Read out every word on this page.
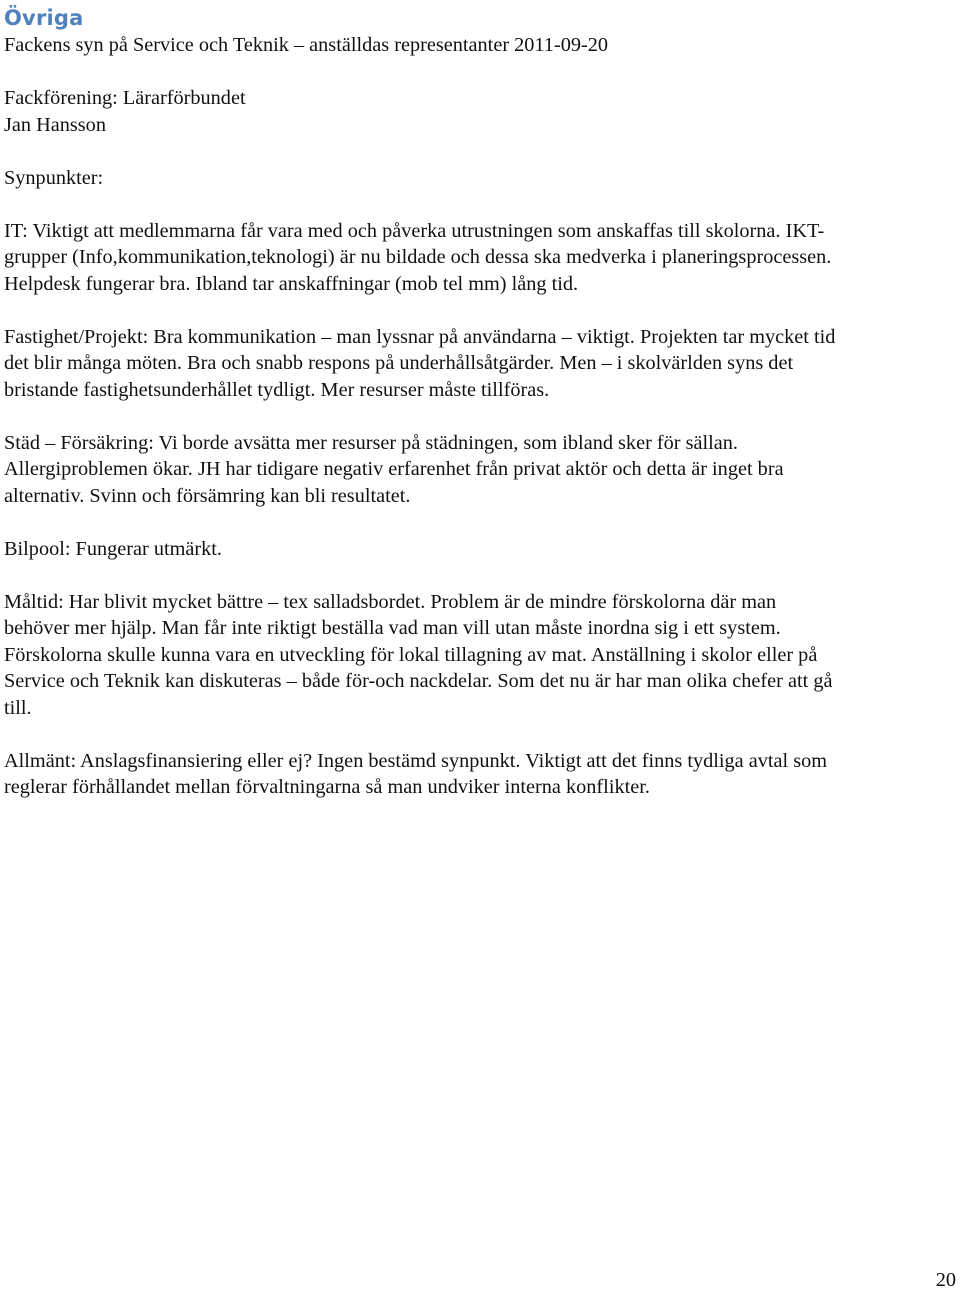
Övriga

Fackens syn på Service och Teknik – anställdas representanter 2011-09-20

Fackförening: Lärarförbundet

Jan Hansson

Synpunkter:

IT: Viktigt att medlemmarna får vara med och påverka utrustningen som anskaffas till skolorna. IKT-

grupper (Info,kommunikation,teknologi) är nu bildade och dessa ska medverka i planeringsprocessen.

Helpdesk fungerar bra. Ibland tar anskaffningar (mob tel mm) lång tid.

Fastighet/Projekt: Bra kommunikation – man lyssnar på användarna – viktigt. Projekten tar mycket tid

det blir många möten. Bra och snabb respons på underhållsåtgärder. Men – i skolvärlden syns det

bristande fastighetsunderhållet tydligt. Mer resurser måste tillföras.

Städ – Försäkring: Vi borde avsätta mer resurser på städningen, som ibland sker för sällan.

Allergiproblemen ökar. JH har tidigare negativ erfarenhet från privat aktör och detta är inget bra

alternativ. Svinn och försämring kan bli resultatet.

Bilpool: Fungerar utmärkt.

Måltid: Har blivit mycket bättre – tex salladsbordet. Problem är de mindre förskolorna där man

behöver mer hjälp. Man får inte riktigt beställa vad man vill utan måste inordna sig i ett system.

Förskolorna skulle kunna vara en utveckling för lokal tillagning av mat. Anställning i skolor eller på

Service och Teknik kan diskuteras – både för-och nackdelar. Som det nu är har man olika chefer att gå

till.

Allmänt: Anslagsfinansiering eller ej? Ingen bestämd synpunkt. Viktigt att det finns tydliga avtal som

reglerar förhållandet mellan förvaltningarna så man undviker interna konflikter.

20
